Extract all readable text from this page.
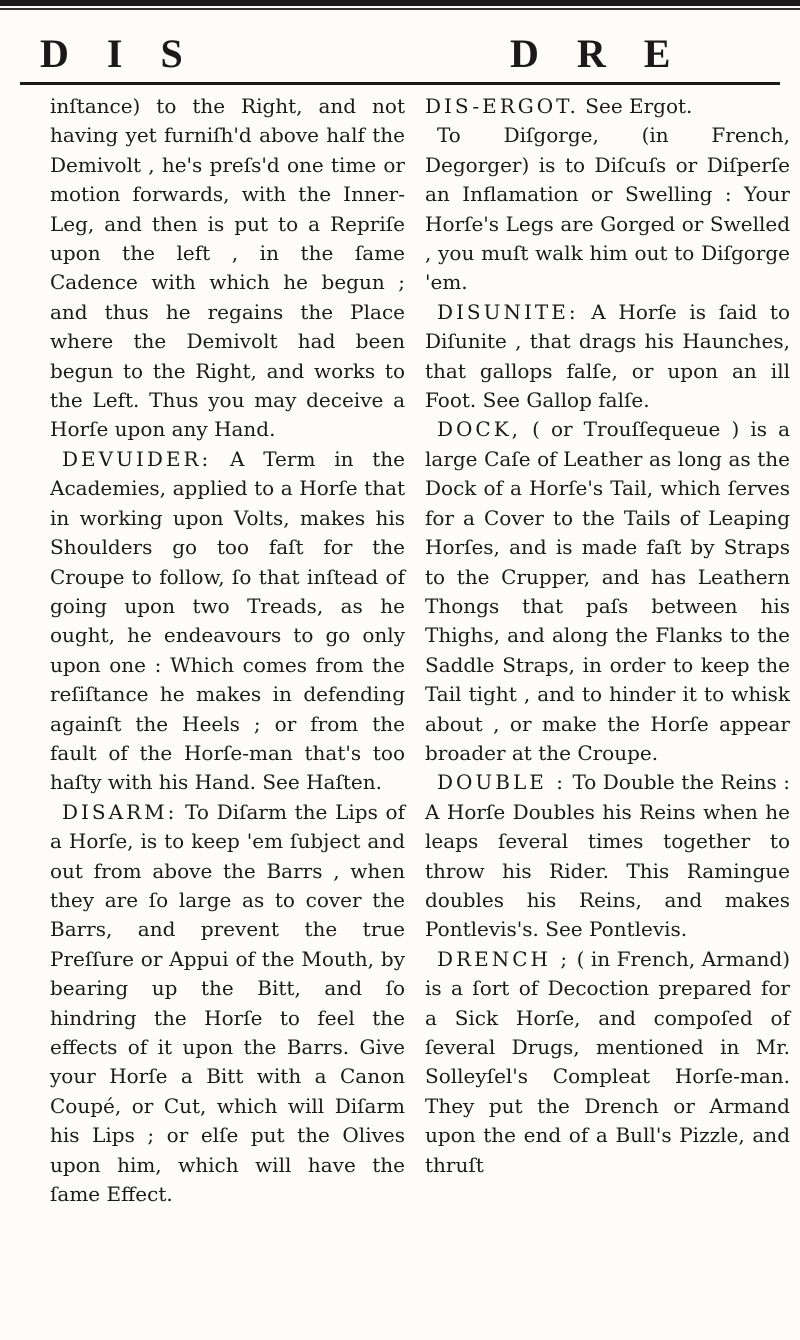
D I S	D R E

inſtance) to the Right, and not having yet furniſh'd above half the Demivolt , he's preſs'd one time or motion forwards, with the Inner-Leg, and then is put to a Repriſe upon the left , in the ſame Cadence with which he begun ; and thus he regains the Place where the Demivolt had been begun to the Right, and works to the Left. Thus you may deceive a Horſe upon any Hand.

DEVUIDER: A Term in the Academies, applied to a Horſe that in working upon Volts, makes his Shoulders go too faſt for the Croupe to follow, ſo that inſtead of going upon two Treads, as he ought, he endeavours to go only upon one : Which comes from the reſiſtance he makes in defending againſt the Heels ; or from the fault of the Horſe-man that's too haſty with his Hand. See Haſten.

DISARM: To Diſarm the Lips of a Horſe, is to keep 'em ſubject and out from above the Barrs , when they are ſo large as to cover the Barrs, and prevent the true Preſſure or Appui of the Mouth, by bearing up the Bitt, and ſo hindring the Horſe to feel the effects of it upon the Barrs. Give your Horſe a Bitt with a Canon Coupé, or Cut, which will Diſarm his Lips ; or elſe put the Olives upon him, which will have the ſame Effect.

DIS-ERGOT. See Ergot.

To Diſgorge, (in French, Degorger) is to Diſcuſs or Diſperſe an Inflamation or Swelling : Your Horſe's Legs are Gorged or Swelled , you muſt walk him out to Diſgorge 'em.

DISUNITE: A Horſe is ſaid to Diſunite , that drags his Haunches, that gallops falſe, or upon an ill Foot. See Gallop falſe.

DOCK, ( or Trouſſequeue ) is a large Caſe of Leather as long as the Dock of a Horſe's Tail, which ſerves for a Cover to the Tails of Leaping Horſes, and is made faſt by Straps to the Crupper, and has Leathern Thongs that paſs between his Thighs, and along the Flanks to the Saddle Straps, in order to keep the Tail tight , and to hinder it to whisk about , or make the Horſe appear broader at the Croupe.

DOUBLE : To Double the Reins : A Horſe Doubles his Reins when he leaps ſeveral times together to throw his Rider. This Ramingue doubles his Reins, and makes Pontlevis's. See Pontlevis.

DRENCH ; ( in French, Armand) is a ſort of Decoction prepared for a Sick Horſe, and compoſed of ſeveral Drugs, mentioned in Mr. Solleyſel's Compleat Horſe-man. They put the Drench or Armand upon the end of a Bull's Pizzle, and thruſt
